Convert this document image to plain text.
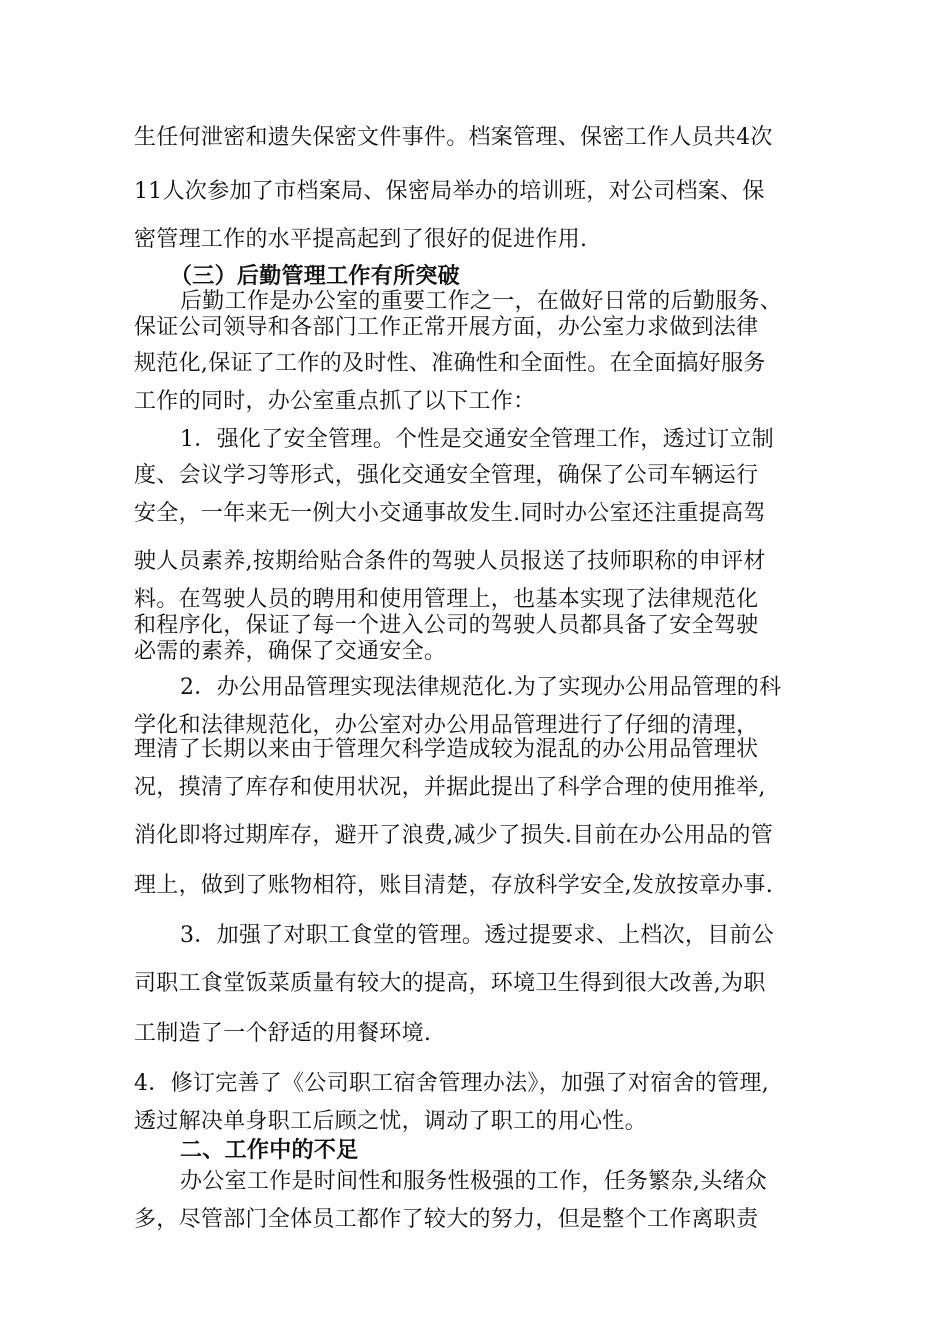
生任何泄密和遗失保密文件事件。档案管理、保密工作人员共4次
11人次参加了市档案局、保密局举办的培训班，对公司档案、保
密管理工作的水平提高起到了很好的促进作用.
（三）后勤管理工作有所突破
后勤工作是办公室的重要工作之一，在做好日常的后勤服务、
保证公司领导和各部门工作正常开展方面，办公室力求做到法律
规范化,保证了工作的及时性、准确性和全面性。在全面搞好服务
工作的同时，办公室重点抓了以下工作：
1．强化了安全管理。个性是交通安全管理工作，透过订立制
度、会议学习等形式，强化交通安全管理，确保了公司车辆运行
安全，一年来无一例大小交通事故发生.同时办公室还注重提高驾
驶人员素养,按期给贴合条件的驾驶人员报送了技师职称的申评材
料。在驾驶人员的聘用和使用管理上，也基本实现了法律规范化
和程序化，保证了每一个进入公司的驾驶人员都具备了安全驾驶
必需的素养，确保了交通安全。
2．办公用品管理实现法律规范化.为了实现办公用品管理的科
学化和法律规范化，办公室对办公用品管理进行了仔细的清理，
理清了长期以来由于管理欠科学造成较为混乱的办公用品管理状
况，摸清了库存和使用状况，并据此提出了科学合理的使用推举,
消化即将过期库存，避开了浪费,减少了损失.目前在办公用品的管
理上，做到了账物相符，账目清楚，存放科学安全,发放按章办事.
3．加强了对职工食堂的管理。透过提要求、上档次，目前公
司职工食堂饭菜质量有较大的提高，环境卫生得到很大改善,为职
工制造了一个舒适的用餐环境.
4．修订完善了《公司职工宿舍管理办法》，加强了对宿舍的管理,
透过解决单身职工后顾之忧，调动了职工的用心性。
二、工作中的不足
办公室工作是时间性和服务性极强的工作，任务繁杂,头绪众
多，尽管部门全体员工都作了较大的努力，但是整个工作离职责
